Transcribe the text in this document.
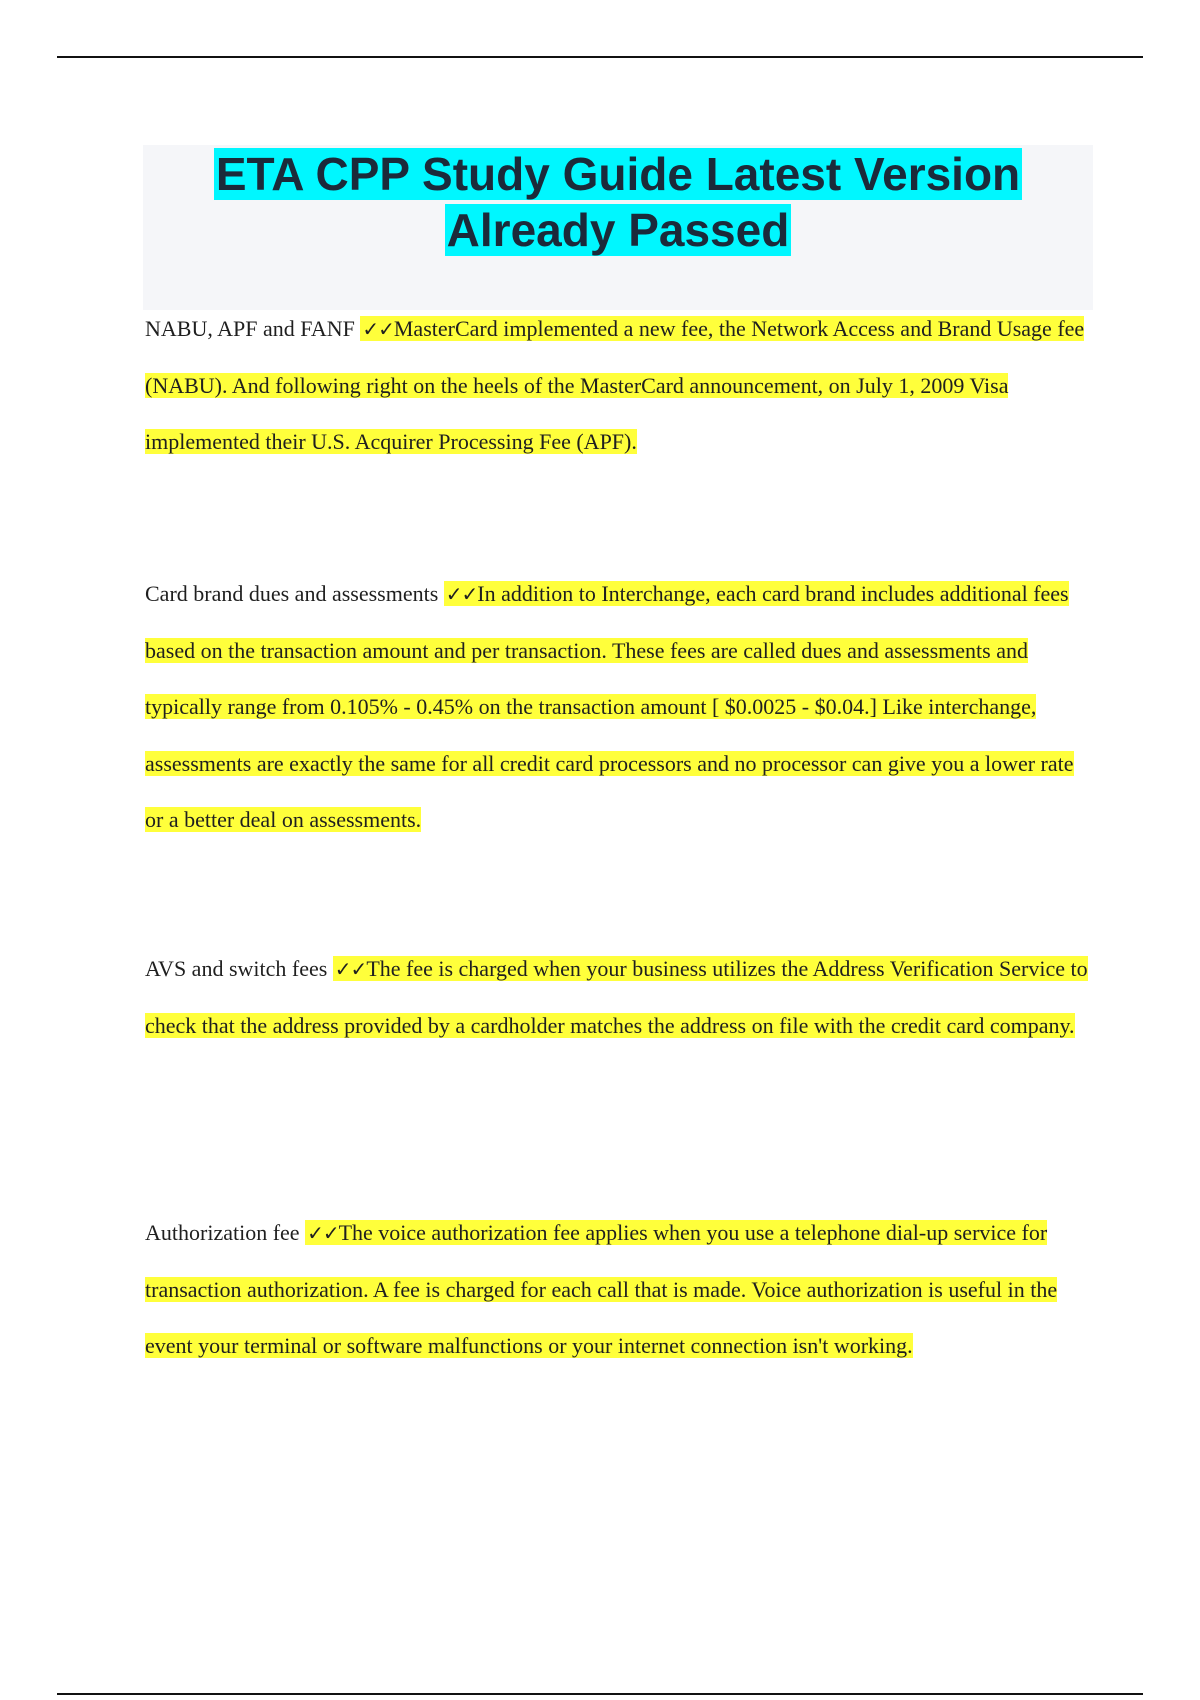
ETA CPP Study Guide Latest Version
Already Passed

NABU, APF and FANF ✓✓MasterCard implemented a new fee, the Network Access and Brand Usage fee (NABU). And following right on the heels of the MasterCard announcement, on July 1, 2009 Visa implemented their U.S. Acquirer Processing Fee (APF).

Card brand dues and assessments ✓✓In addition to Interchange, each card brand includes additional fees based on the transaction amount and per transaction. These fees are called dues and assessments and typically range from 0.105% - 0.45% on the transaction amount [ $0.0025 - $0.04.] Like interchange, assessments are exactly the same for all credit card processors and no processor can give you a lower rate or a better deal on assessments.

AVS and switch fees ✓✓The fee is charged when your business utilizes the Address Verification Service to check that the address provided by a cardholder matches the address on file with the credit card company.

Authorization fee ✓✓The voice authorization fee applies when you use a telephone dial-up service for transaction authorization. A fee is charged for each call that is made. Voice authorization is useful in the event your terminal or software malfunctions or your internet connection isn't working.
